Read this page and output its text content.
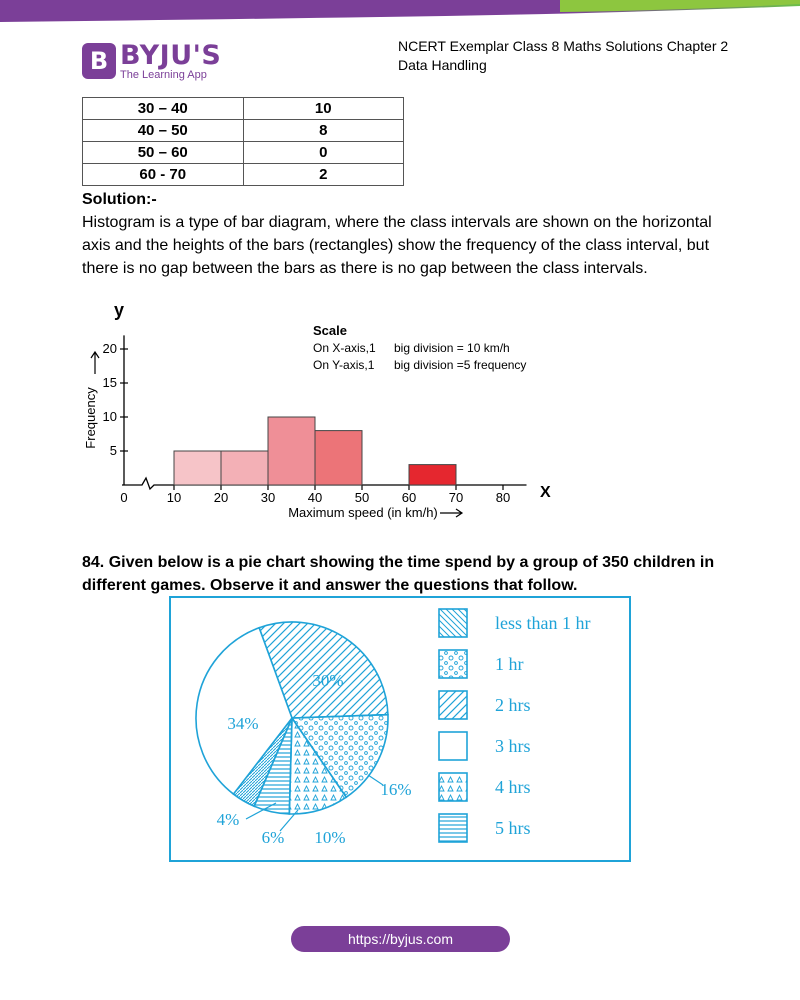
B BYJU'S
The Learning App
NCERT Exemplar Class 8 Maths Solutions Chapter 2 Data Handling
30 – 40	10
40 – 50	8
50 – 60	0
60 - 70	2
Solution:-
Histogram is a type of bar diagram, where the class intervals are shown on the horizontal axis and the heights of the bars (rectangles) show the frequency of the class interval, but there is no gap between the bars as there is no gap between the class intervals.
Frequency
y
X
Maximum speed (in km/h)
Scale
On X-axis,1 big division = 10 km/h
On Y-axis,1 big division =5 frequency
5
10
15
20
0	10	20	30	40	50	60	70	80
84. Given below is a pie chart showing the time spend by a group of 350 children in different games. Observe it and answer the questions that follow.
16%
30%
34%
10%
6%
4%
less than 1 hr
1 hr
2 hrs
3 hrs
4 hrs
5 hrs
https://byjus.com
